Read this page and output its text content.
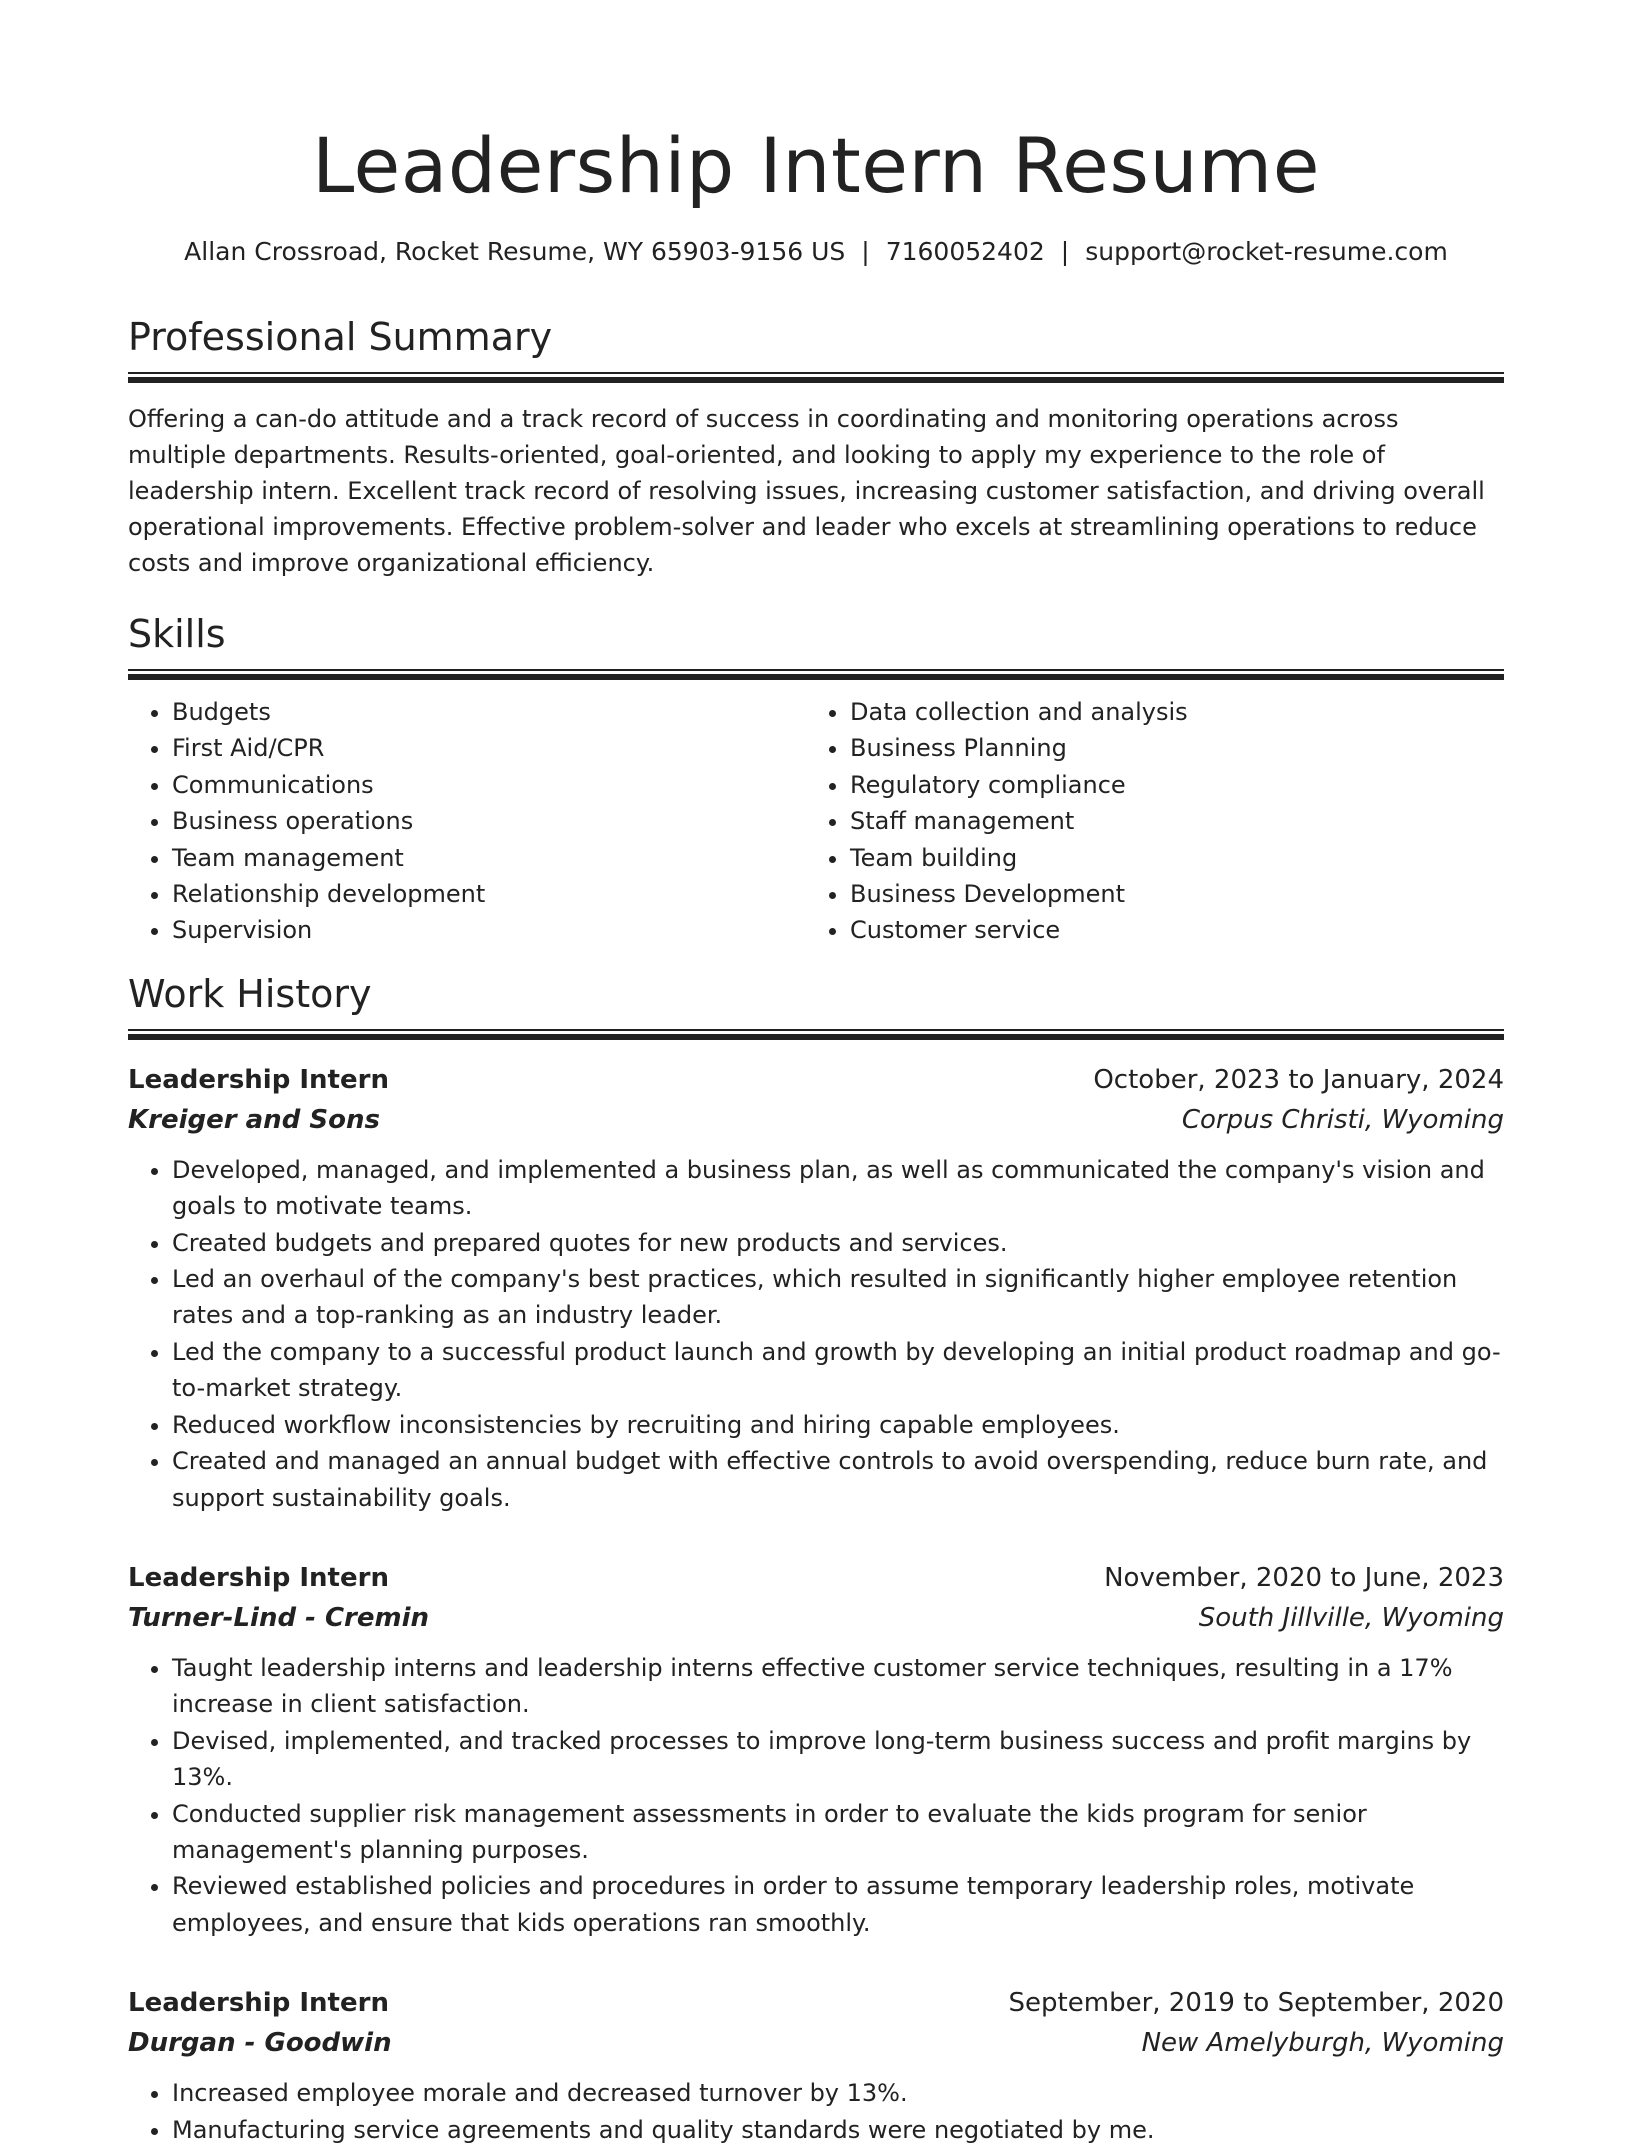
Leadership Intern Resume
Allan Crossroad, Rocket Resume, WY 65903-9156 US | 7160052402 | support@rocket-resume.com
Professional Summary

Offering a can-do attitude and a track record of success in coordinating and monitoring operations across multiple departments. Results-oriented, goal-oriented, and looking to apply my experience to the role of leadership intern. Excellent track record of resolving issues, increasing customer satisfaction, and driving overall operational improvements. Effective problem-solver and leader who excels at streamlining operations to reduce costs and improve organizational efficiency.

Skills
• Budgets
• First Aid/CPR
• Communications
• Business operations
• Team management
• Relationship development
• Supervision
• Data collection and analysis
• Business Planning
• Regulatory compliance
• Staff management
• Team building
• Business Development
• Customer service
Work History
Leadership Intern	October, 2023 to January, 2024
Kreiger and Sons	Corpus Christi, Wyoming
• Developed, managed, and implemented a business plan, as well as communicated the company's vision and goals to motivate teams.
• Created budgets and prepared quotes for new products and services.
• Led an overhaul of the company's best practices, which resulted in significantly higher employee retention rates and a top-ranking as an industry leader.
• Led the company to a successful product launch and growth by developing an initial product roadmap and go-to-market strategy.
• Reduced workflow inconsistencies by recruiting and hiring capable employees.
• Created and managed an annual budget with effective controls to avoid overspending, reduce burn rate, and support sustainability goals.
Leadership Intern	November, 2020 to June, 2023
Turner-Lind - Cremin	South Jillville, Wyoming
• Taught leadership interns and leadership interns effective customer service techniques, resulting in a 17% increase in client satisfaction.
• Devised, implemented, and tracked processes to improve long-term business success and profit margins by 13%.
• Conducted supplier risk management assessments in order to evaluate the kids program for senior management's planning purposes.
• Reviewed established policies and procedures in order to assume temporary leadership roles, motivate employees, and ensure that kids operations ran smoothly.
Leadership Intern	September, 2019 to September, 2020
Durgan - Goodwin	New Amelyburgh, Wyoming
• Increased employee morale and decreased turnover by 13%.
• Manufacturing service agreements and quality standards were negotiated by me.
